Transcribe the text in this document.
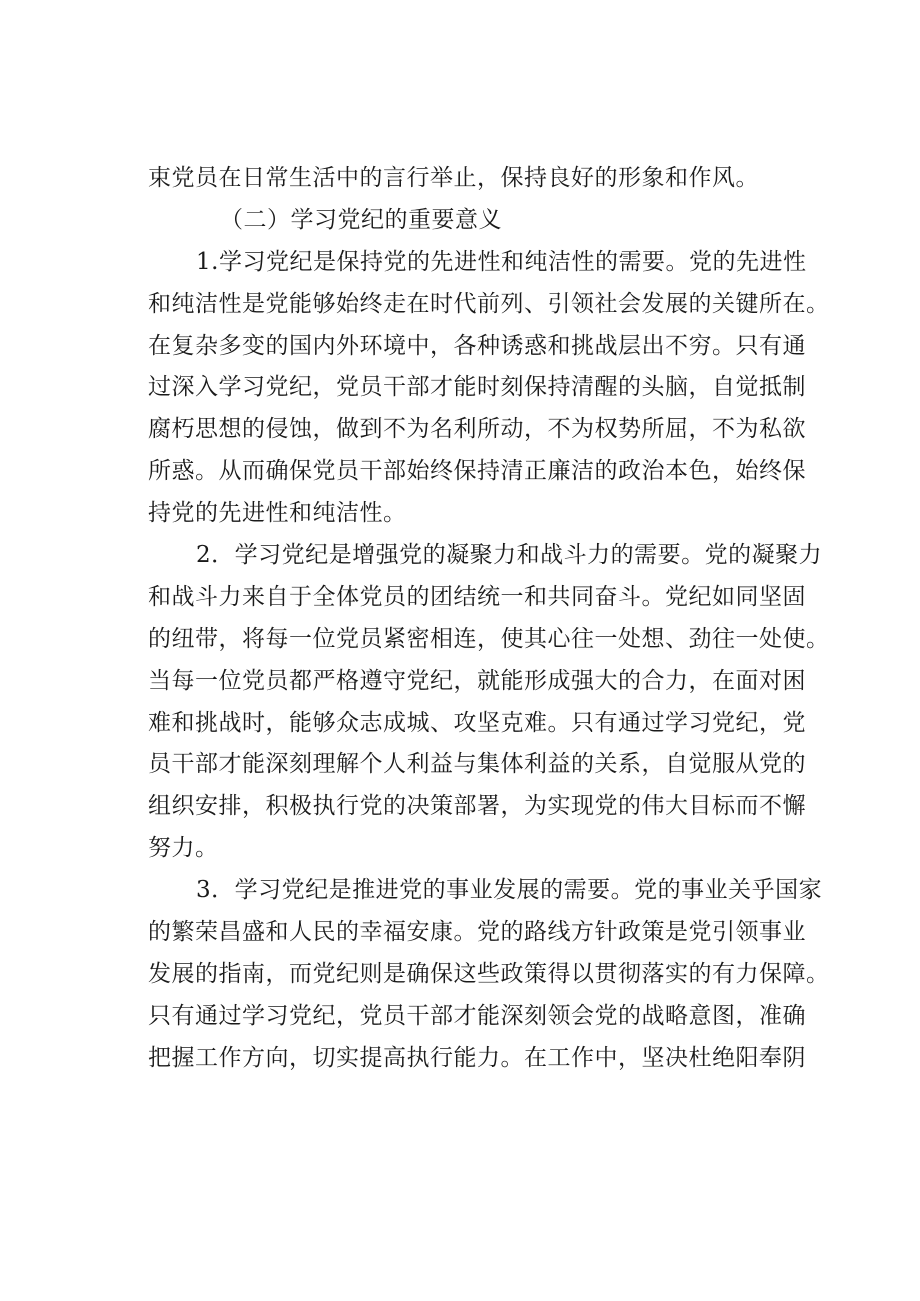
束党员在日常生活中的言行举止，保持良好的形象和作风。
（二）学习党纪的重要意义
1.学习党纪是保持党的先进性和纯洁性的需要。党的先进性
和纯洁性是党能够始终走在时代前列、引领社会发展的关键所在。
在复杂多变的国内外环境中，各种诱惑和挑战层出不穷。只有通
过深入学习党纪，党员干部才能时刻保持清醒的头脑，自觉抵制
腐朽思想的侵蚀，做到不为名利所动，不为权势所屈，不为私欲
所惑。从而确保党员干部始终保持清正廉洁的政治本色，始终保
持党的先进性和纯洁性。
2．学习党纪是增强党的凝聚力和战斗力的需要。党的凝聚力
和战斗力来自于全体党员的团结统一和共同奋斗。党纪如同坚固
的纽带，将每一位党员紧密相连，使其心往一处想、劲往一处使。
当每一位党员都严格遵守党纪，就能形成强大的合力，在面对困
难和挑战时，能够众志成城、攻坚克难。只有通过学习党纪，党
员干部才能深刻理解个人利益与集体利益的关系，自觉服从党的
组织安排，积极执行党的决策部署，为实现党的伟大目标而不懈
努力。
3．学习党纪是推进党的事业发展的需要。党的事业关乎国家
的繁荣昌盛和人民的幸福安康。党的路线方针政策是党引领事业
发展的指南，而党纪则是确保这些政策得以贯彻落实的有力保障。
只有通过学习党纪，党员干部才能深刻领会党的战略意图，准确
把握工作方向，切实提高执行能力。在工作中，坚决杜绝阳奉阴
